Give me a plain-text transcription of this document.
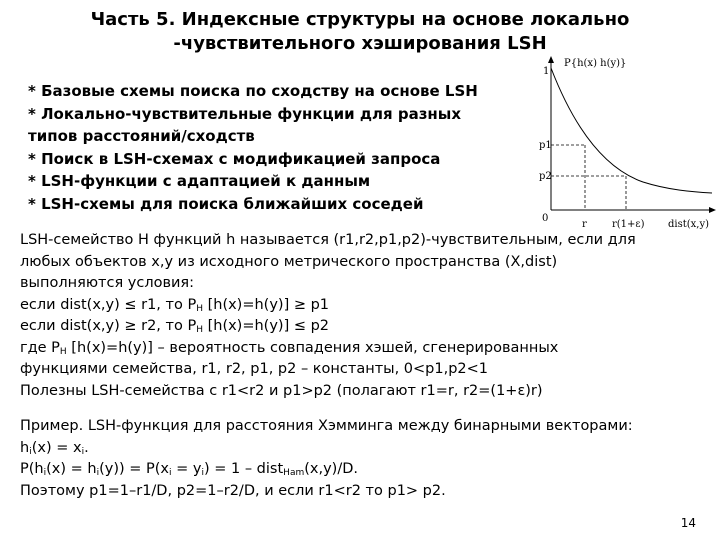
Часть 5. Индексные структуры на основе локально
-чувствительного хэширования LSH
* Базовые схемы поиска по сходству на основе LSH
* Локально-чувствительные функции для разных
типов расстояний/сходств
* Поиск в LSH-схемах с модификацией запроса
* LSH-функции с адаптацией к данным
* LSH-схемы для поиска ближайших соседей
P{h(x) h(y)}
1
p1
p2
0
r	r(1+ε) dist(x,y)
LSH-семейство H функций h называется (r1,r2,p1,p2)-чувствительным, если для
любых объектов x,y из исходного метрического пространства (X,dist)
выполняются условия:
если dist(x,y) ≤ r1, то $P_H$ [h(x)=h(y)] ≥ p1
если dist(x,y) ≥ r2, то $P_H$ [h(x)=h(y)] ≤ p2
где $P_H$ [h(x)=h(y)] – вероятность совпадения хэшей, сгенерированных
функциями семейства, r1, r2, p1, p2 – константы, 0<p1,p2<1
Полезны LSH-семейства с r1<r2 и p1>p2 (полагают r1=r, r2=(1+ε)r)
Пример. LSH-функция для расстояния Хэмминга между бинарными векторами:
$h_i(x) = x_i$.
$P(h_i(x) = h_i(y)) = P(x_i = y_i) = 1$ – dist$_{Ham}$(x,y)/D.
Поэтому p1=1–r1/D, p2=1–r2/D, и если r1<r2 то p1> p2.
14
